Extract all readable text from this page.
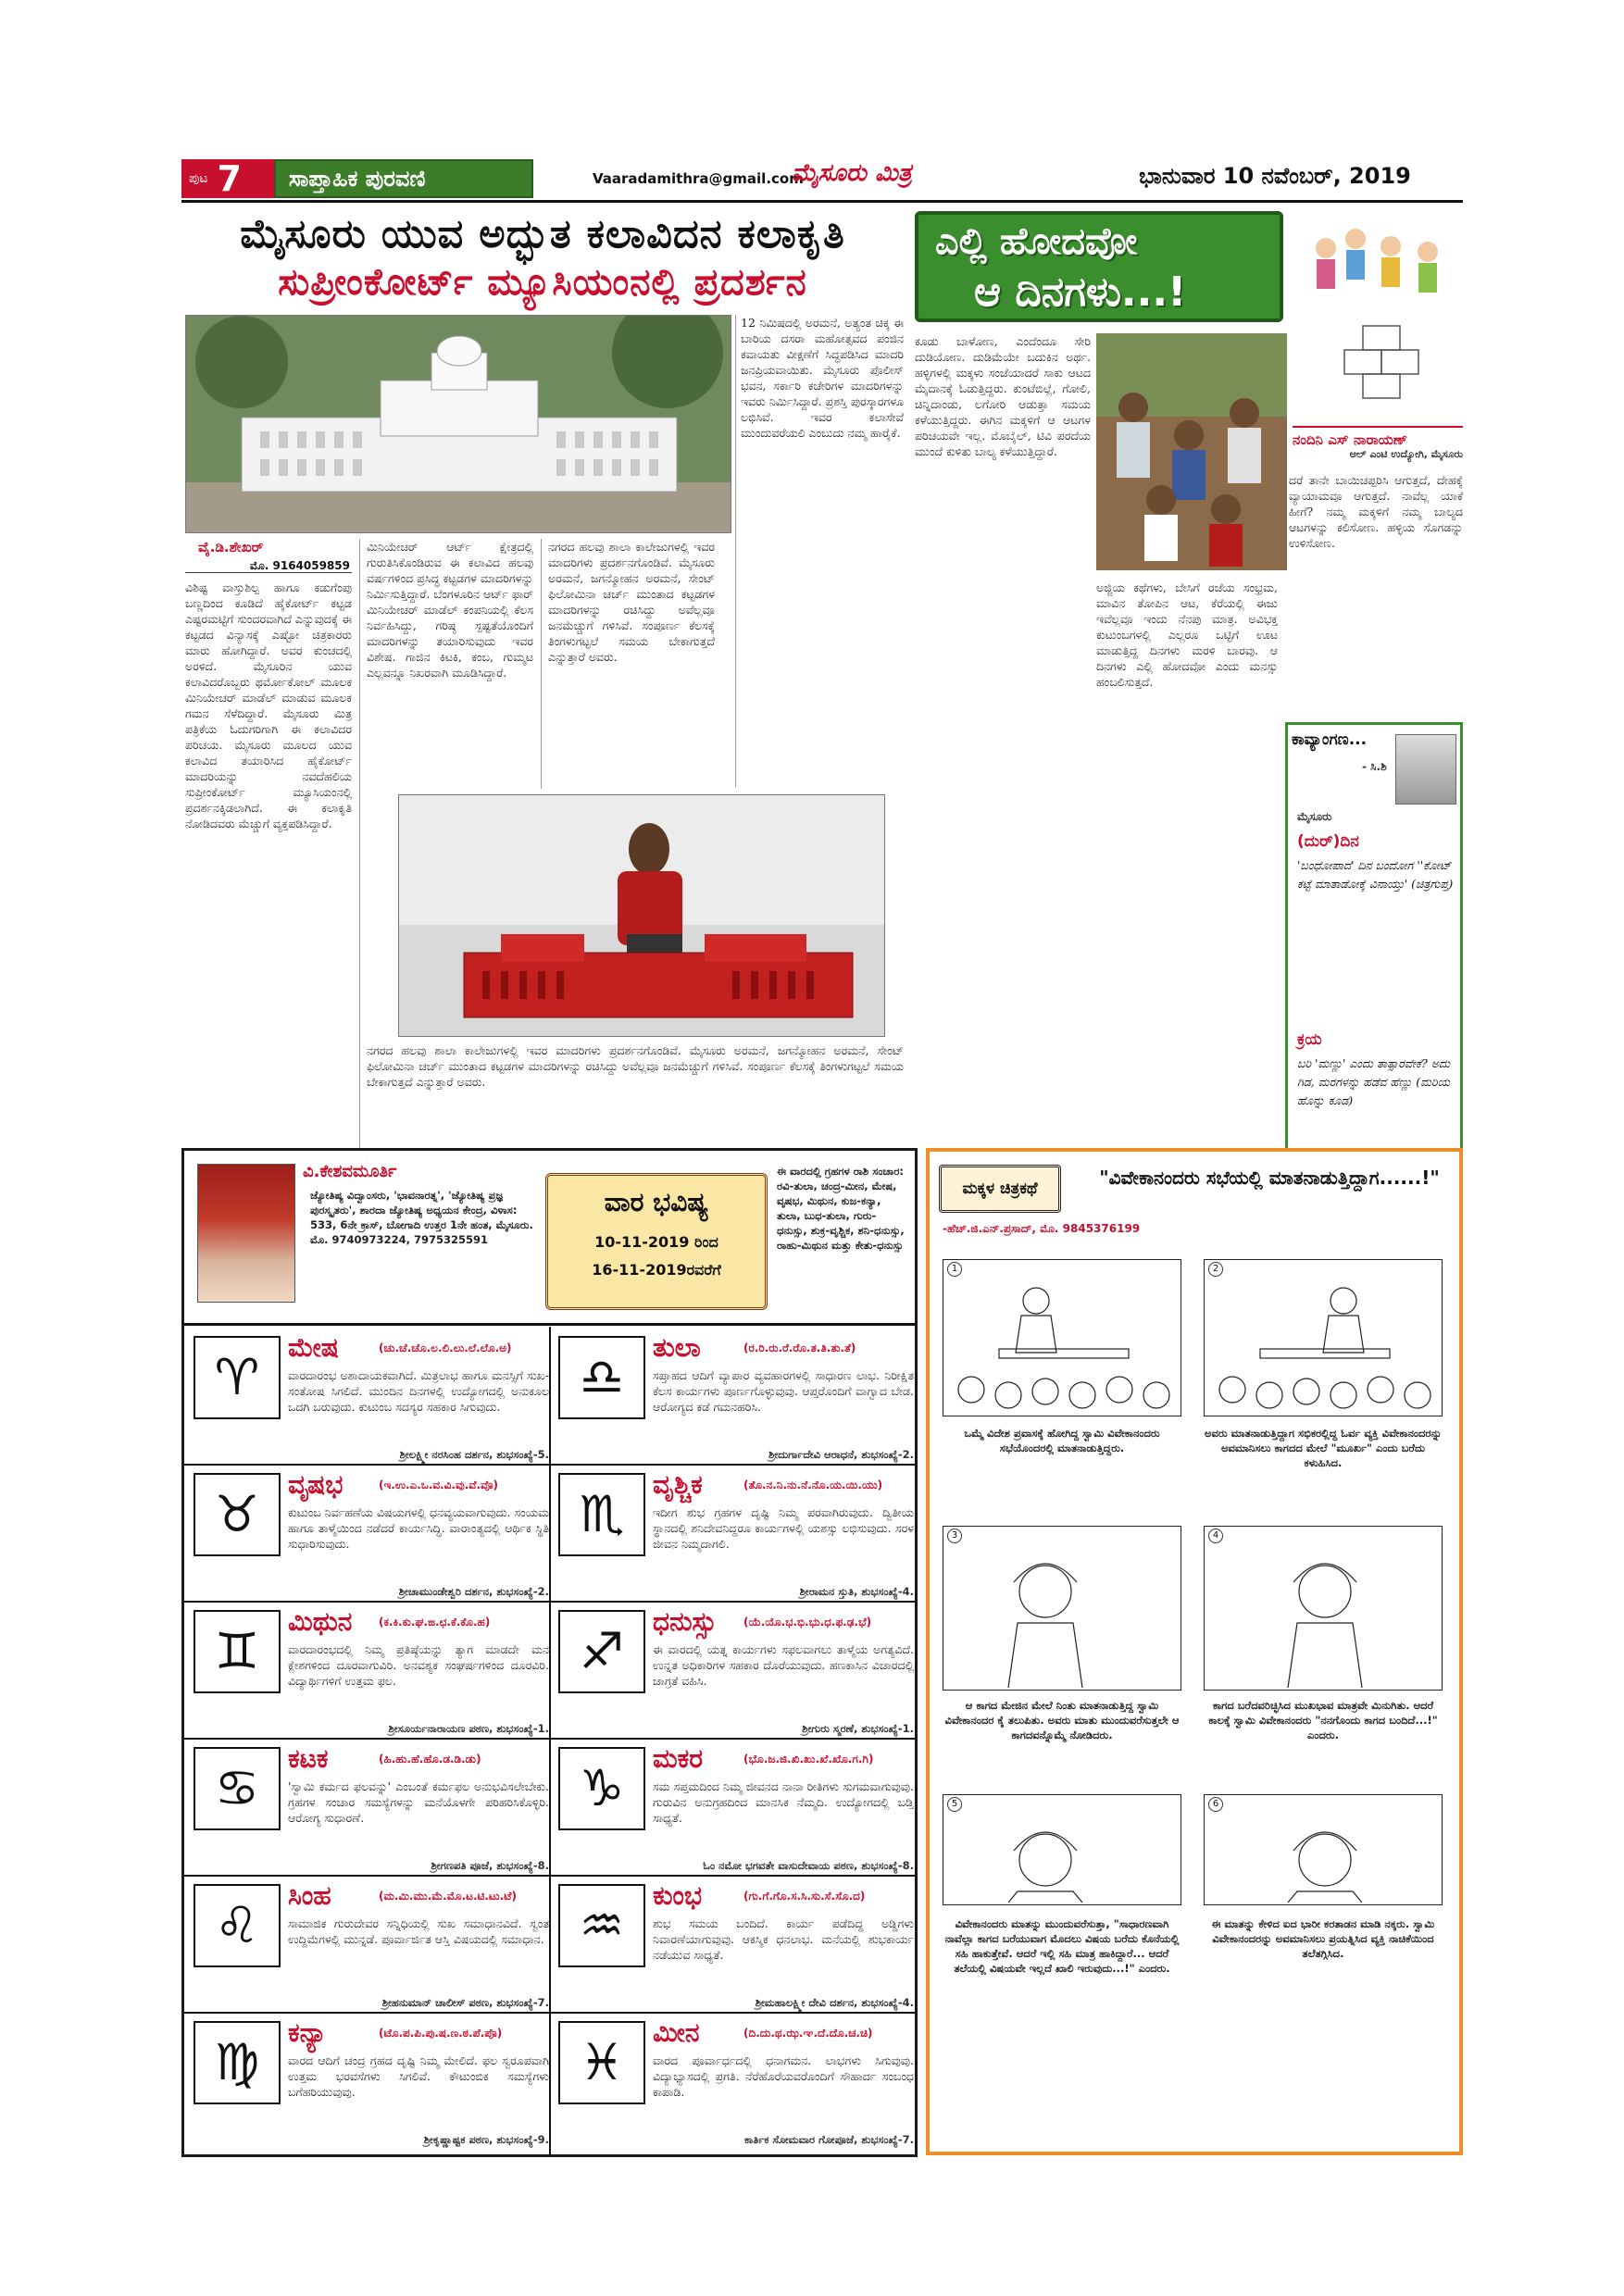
ಪುಟ 7	ಸಾಪ್ತಾಹಿಕ ಪುರವಣಿ	Vaaradamithra@gmail.com
ಮೈಸೂರು ಮಿತ್ರ	ಭಾನುವಾರ 10 ನವೆಂಬರ್, 2019
ಮೈಸೂರು ಯುವ ಅದ್ಭುತ ಕಲಾವಿದನ ಕಲಾಕೃತಿ
ಸುಪ್ರೀಂಕೋರ್ಟ್ ಮ್ಯೂಸಿಯಂನಲ್ಲಿ ಪ್ರದರ್ಶನ
ವೈ.ಡಿ.ಶೇಖರ್
ಮೊ. 9164059859
ವಿಶಿಷ್ಟ ವಾಸ್ತುಶಿಲ್ಪ ಹಾಗೂ ಕಡುಗೆಂಪು ಬಣ್ಣದಿಂದ ಕೂಡಿದೆ ಹೈಕೋರ್ಟ್ ಕಟ್ಟಡ ಎಷ್ಟರಮಟ್ಟಿಗೆ ಸುಂದರವಾಗಿದೆ ಎನ್ನುವುದಕ್ಕೆ ಈ ಕಟ್ಟಡದ ವಿನ್ಯಾಸಕ್ಕೆ ಎಷ್ಟೋ ಚಿತ್ರಕಾರರು ಮಾರು ಹೋಗಿದ್ದಾರೆ. ಅವರ ಕುಂಚದಲ್ಲಿ ಅರಳಿದೆ. ಮೈಸೂರಿನ ಯುವ ಕಲಾವಿದರೊಬ್ಬರು ಥರ್ಮೋಕೋಲ್ ಮೂಲಕ ಮಿನಿಯೇಚರ್ ಮಾಡೆಲ್ ಮಾಡುವ ಮೂಲಕ ಗಮನ ಸೆಳೆದಿದ್ದಾರೆ. ಮೈಸೂರು ಮಿತ್ರ ಪತ್ರಿಕೆಯ ಓದುಗರಿಗಾಗಿ ಈ ಕಲಾವಿದರ ಪರಿಚಯ. ಮೈಸೂರು ಮೂಲದ ಯುವ ಕಲಾವಿದ ತಯಾರಿಸಿದ ಹೈಕೋರ್ಟ್ ಮಾದರಿಯನ್ನು ನವದೆಹಲಿಯ ಸುಪ್ರೀಂಕೋರ್ಟ್ ಮ್ಯೂಸಿಯಂನಲ್ಲಿ ಪ್ರದರ್ಶನಕ್ಕಿಡಲಾಗಿದೆ. ಈ ಕಲಾಕೃತಿ ನೋಡಿದವರು ಮೆಚ್ಚುಗೆ ವ್ಯಕ್ತಪಡಿಸಿದ್ದಾರೆ.
ಮಿನಿಯೇಚರ್ ಆರ್ಟ್ ಕ್ಷೇತ್ರದಲ್ಲಿ ಗುರುತಿಸಿಕೊಂಡಿರುವ ಈ ಕಲಾವಿದ ಹಲವು ವರ್ಷಗಳಿಂದ ಪ್ರಸಿದ್ಧ ಕಟ್ಟಡಗಳ ಮಾದರಿಗಳನ್ನು ನಿರ್ಮಿಸುತ್ತಿದ್ದಾರೆ. ಬೆಂಗಳೂರಿನ ಆರ್ಟ್ ಫಾರ್ ಮಿನಿಯೇಚರ್ ಮಾಡೆಲ್ ಕಂಪನಿಯಲ್ಲಿ ಕೆಲಸ ನಿರ್ವಹಿಸಿದ್ದು, ಗರಿಷ್ಠ ಸ್ಪಷ್ಟತೆಯೊಂದಿಗೆ ಮಾದರಿಗಳನ್ನು ತಯಾರಿಸುವುದು ಇವರ ವಿಶೇಷ. ಗಾಜಿನ ಕಿಟಕಿ, ಕಂಬ, ಗುಮ್ಮಟ ಎಲ್ಲವನ್ನೂ ನಿಖರವಾಗಿ ಮೂಡಿಸಿದ್ದಾರೆ.
ನಗರದ ಹಲವು ಶಾಲಾ ಕಾಲೇಜುಗಳಲ್ಲಿ ಇವರ ಮಾದರಿಗಳು ಪ್ರದರ್ಶನಗೊಂಡಿವೆ. ಮೈಸೂರು ಅರಮನೆ, ಜಗನ್ಮೋಹನ ಅರಮನೆ, ಸೇಂಟ್ ಫಿಲೋಮಿನಾ ಚರ್ಚ್ ಮುಂತಾದ ಕಟ್ಟಡಗಳ ಮಾದರಿಗಳನ್ನು ರಚಿಸಿದ್ದು ಅವೆಲ್ಲವೂ ಜನಮೆಚ್ಚುಗೆ ಗಳಿಸಿವೆ. ಸಂಪೂರ್ಣ ಕೆಲಸಕ್ಕೆ ತಿಂಗಳುಗಟ್ಟಲೆ ಸಮಯ ಬೇಕಾಗುತ್ತದೆ ಎನ್ನುತ್ತಾರೆ ಅವರು.
12 ನಿಮಿಷದಲ್ಲಿ ಅರಮನೆ, ಅತ್ಯಂತ ಚಿಕ್ಕ ಈ ಬಾರಿಯ ದಸರಾ ಮಹೋತ್ಸವದ ಪಂಜಿನ ಕವಾಯತು ವೀಕ್ಷಣೆಗೆ ಸಿದ್ಧಪಡಿಸಿದ ಮಾದರಿ ಜನಪ್ರಿಯವಾಯಿತು. ಮೈಸೂರು ಪೊಲೀಸ್ ಭವನ, ಸರ್ಕಾರಿ ಕಚೇರಿಗಳ ಮಾದರಿಗಳನ್ನು ಇವರು ನಿರ್ಮಿಸಿದ್ದಾರೆ. ಪ್ರಶಸ್ತಿ ಪುರಸ್ಕಾರಗಳೂ ಲಭಿಸಿವೆ. ಇವರ ಕಲಾಸೇವೆ ಮುಂದುವರೆಯಲಿ ಎಂಬುದು ನಮ್ಮ ಹಾರೈಕೆ.
ನಗರದ ಹಲವು ಶಾಲಾ ಕಾಲೇಜುಗಳಲ್ಲಿ ಇವರ ಮಾದರಿಗಳು ಪ್ರದರ್ಶನಗೊಂಡಿವೆ. ಮೈಸೂರು ಅರಮನೆ, ಜಗನ್ಮೋಹನ ಅರಮನೆ, ಸೇಂಟ್ ಫಿಲೋಮಿನಾ ಚರ್ಚ್ ಮುಂತಾದ ಕಟ್ಟಡಗಳ ಮಾದರಿಗಳನ್ನು ರಚಿಸಿದ್ದು ಅವೆಲ್ಲವೂ ಜನಮೆಚ್ಚುಗೆ ಗಳಿಸಿವೆ. ಸಂಪೂರ್ಣ ಕೆಲಸಕ್ಕೆ ತಿಂಗಳುಗಟ್ಟಲೆ ಸಮಯ ಬೇಕಾಗುತ್ತದೆ ಎನ್ನುತ್ತಾರೆ ಅವರು.
ಎಲ್ಲಿ ಹೋದವೋ
ಆ ದಿನಗಳು...!
ಕೂಡು ಬಾಳೋಣ, ಎಂದೆಂದೂ ಸೇರಿ ದುಡಿಯೋಣ. ದುಡಿಮೆಯೇ ಬದುಕಿನ ಅರ್ಥ. ಹಳ್ಳಿಗಳಲ್ಲಿ ಮಕ್ಕಳು ಸಂಜೆಯಾದರೆ ಸಾಕು ಆಟದ ಮೈದಾನಕ್ಕೆ ಓಡುತ್ತಿದ್ದರು. ಕುಂಟೆಬಿಲ್ಲೆ, ಗೋಲಿ, ಚಿನ್ನಿದಾಂಡು, ಲಗೋರಿ ಆಡುತ್ತಾ ಸಮಯ ಕಳೆಯುತ್ತಿದ್ದರು. ಈಗಿನ ಮಕ್ಕಳಿಗೆ ಆ ಆಟಗಳ ಪರಿಚಯವೇ ಇಲ್ಲ. ಮೊಬೈಲ್, ಟಿವಿ ಪರದೆಯ ಮುಂದೆ ಕುಳಿತು ಬಾಲ್ಯ ಕಳೆಯುತ್ತಿದ್ದಾರೆ.
ಅಜ್ಜಿಯ ಕಥೆಗಳು, ಬೇಸಿಗೆ ರಜೆಯ ಸಂಭ್ರಮ, ಮಾವಿನ ತೋಪಿನ ಆಟ, ಕೆರೆಯಲ್ಲಿ ಈಜು ಇವೆಲ್ಲವೂ ಇಂದು ನೆನಪು ಮಾತ್ರ. ಅವಿಭಕ್ತ ಕುಟುಂಬಗಳಲ್ಲಿ ಎಲ್ಲರೂ ಒಟ್ಟಿಗೆ ಊಟ ಮಾಡುತ್ತಿದ್ದ ದಿನಗಳು ಮರಳಿ ಬಾರವು. ಆ ದಿನಗಳು ಎಲ್ಲಿ ಹೋದವೋ ಎಂದು ಮನಸ್ಸು ಹಂಬಲಿಸುತ್ತದೆ.
ನಂದಿನಿ ಎಸ್ ನಾರಾಯಣ್
ಆಲ್ ಎಂಟಿ ಉದ್ಯೋಗಿ, ಮೈಸೂರು
ದರೆ ತಾನೇ ಬಾಯಿಚಪ್ಪರಿಸಿ ಆಗುತ್ತದೆ, ದೇಹಕ್ಕೆ ವ್ಯಾಯಾಮವೂ ಆಗುತ್ತದೆ. ನಾವೆಲ್ಲ ಯಾಕೆ ಹೀಗೆ? ನಮ್ಮ ಮಕ್ಕಳಿಗೆ ನಮ್ಮ ಬಾಲ್ಯದ ಆಟಗಳನ್ನು ಕಲಿಸೋಣ. ಹಳ್ಳಿಯ ಸೊಗಡನ್ನು ಉಳಿಸೋಣ.
ಕಾವ್ಯಾಂಗಣ...
- ಸಿ.ಶಿ
ಮೈಸೂರು
(ದುರ್)ದಿನ
'ಬಂಧೋಪಾದ' ದಿನ ಬಂದೋಗ ''ಕೋಟ್ ಕಟ್ಟೆ ಮಾತಾಡೋಕ್ಕೆ ವಿನಾಯ್ತು' (ಚಿತ್ರಗುಪ್ತ)
ಕ್ರಯ
ಬರಿ 'ಮಣ್ಣು' ಎಂದು ತಾತ್ಸಾರವೇಕೆ? ಅದು ಗಿಡ, ಮರಗಳನ್ನು ಹಡೆವ ಹೆಣ್ಣು (ಮರಿಯ ಹೊನ್ನು ಕೂಡ)
ವಿ.ಕೇಶವಮೂರ್ತಿ
ಜ್ಯೋತಿಷ್ಯ ವಿದ್ವಾಂಸರು, 'ಭಾವನಾರತ್ನ', 'ಜ್ಯೋತಿಷ್ಯ ಪ್ರಜ್ಞ ಪುರಸ್ಕೃತರು', ಶಾರದಾ ಜ್ಯೋತಿಷ್ಯ ಅಧ್ಯಯನ ಕೇಂದ್ರ, ವಿಳಾಸ: 533, 6ನೇ ಕ್ರಾಸ್, ಬೋಗಾದಿ ಉತ್ತರ 1ನೇ ಹಂತ, ಮೈಸೂರು. ಮೊ. 9740973224, 7975325591
ವಾರ ಭವಿಷ್ಯ
10-11-2019 ರಿಂದ
16-11-2019ರವರೆಗೆ
ಈ ವಾರದಲ್ಲಿ ಗ್ರಹಗಳ ರಾಶಿ ಸಂಚಾರ: ರವಿ-ತುಲಾ, ಚಂದ್ರ-ಮೀನ, ಮೇಷ, ವೃಷಭ, ಮಿಥುನ, ಕುಜ-ಕನ್ಯಾ, ತುಲಾ, ಬುಧ-ತುಲಾ, ಗುರು-ಧನುಸ್ಸು, ಶುಕ್ರ-ವೃಶ್ಚಿಕ, ಶನಿ-ಧನುಸ್ಸು, ರಾಹು-ಮಿಥುನ ಮತ್ತು ಕೇತು-ಧನುಸ್ಸು
♈
ಮೇಷ	(ಚು.ಚೆ.ಚೊ.ಲ.ಲಿ.ಲು.ಲೆ.ಲೊ.ಅ)
ವಾರದಾರಂಭ ಅಶಾದಾಯಕವಾಗಿದೆ. ಮಿತ್ರಲಾಭ ಹಾಗೂ ಮನಸ್ಸಿಗೆ ಸುಖ-ಸಂತೋಷ ಸಿಗಲಿದೆ. ಮುಂದಿನ ದಿನಗಳಲ್ಲಿ ಉದ್ಯೋಗದಲ್ಲಿ ಅನುಕೂಲ ಒದಗಿ ಬರುವುದು. ಕುಟುಂಬ ಸದಸ್ಯರ ಸಹಕಾರ ಸಿಗುವುದು.
ಶ್ರೀಲಕ್ಷ್ಮೀ ನರಸಿಂಹ ದರ್ಶನ, ಶುಭಸಂಖ್ಯೆ-5.
♎
ತುಲಾ	(ರ.ರಿ.ರು.ರೆ.ರೊ.ತ.ತಿ.ತು.ತೆ)
ಸಪ್ತಾಹದ ಆದಿಗೆ ವ್ಯಾಪಾರ ವ್ಯವಹಾರಗಳಲ್ಲಿ ಸಾಧಾರಣ ಲಾಭ. ನಿರೀಕ್ಷಿತ ಕೆಲಸ ಕಾರ್ಯಗಳು ಪೂರ್ಣಗೊಳ್ಳುವುವು. ಆಪ್ತರೊಂದಿಗೆ ವಾಗ್ವಾದ ಬೇಡ. ಆರೋಗ್ಯದ ಕಡೆ ಗಮನಹರಿಸಿ.
ಶ್ರೀದುರ್ಗಾದೇವಿ ಆರಾಧನೆ, ಶುಭಸಂಖ್ಯೆ-2.
♉
ವೃಷಭ	(ಇ.ಉ.ಎ.ಒ.ವ.ವಿ.ವು.ವೆ.ವೊ)
ಕುಟುಂಬ ನಿರ್ವಹಣೆಯ ವಿಷಯಗಳಲ್ಲಿ ಧನವ್ಯಯವಾಗುವುದು. ಸಂಯಮ ಹಾಗೂ ತಾಳ್ಮೆಯಿಂದ ನಡೆದರೆ ಕಾರ್ಯಸಿದ್ಧಿ. ವಾರಾಂತ್ಯದಲ್ಲಿ ಆರ್ಥಿಕ ಸ್ಥಿತಿ ಸುಧಾರಿಸುವುದು.
ಶ್ರೀಚಾಮುಂಡೇಶ್ವರಿ ದರ್ಶನ, ಶುಭಸಂಖ್ಯೆ-2.
♏
ವೃಶ್ಚಿಕ	(ತೊ.ನ.ನಿ.ನು.ನೆ.ನೊ.ಯ.ಯಿ.ಯು)
ಇದೀಗ ಶುಭ ಗ್ರಹಗಳ ದೃಷ್ಟಿ ನಿಮ್ಮ ಪರವಾಗಿರುವುದು. ದ್ವಿತೀಯ ಸ್ಥಾನದಲ್ಲಿ ಶನಿದೇವನಿದ್ದರೂ ಕಾರ್ಯಗಳಲ್ಲಿ ಯಶಸ್ಸು ಲಭಿಸುವುದು. ಸರಳ ಜೀವನ ನಿಮ್ಮದಾಗಲಿ.
ಶ್ರೀರಾಮನ ಸ್ತುತಿ, ಶುಭಸಂಖ್ಯೆ-4.
♊
ಮಿಥುನ (ಕ.ಕಿ.ಕು.ಘ.ಙ.ಛ.ಕೆ.ಕೊ.ಹ)
ವಾರದಾರಂಭದಲ್ಲಿ ನಿಮ್ಮ ಪ್ರತಿಷ್ಠೆಯನ್ನು ತ್ಯಾಗ ಮಾಡದೇ ಮನ ಕ್ಲೇಶಗಳಿಂದ ದೂರವಾಗುವಿರಿ. ಅನವಶ್ಯಕ ಸಂಘರ್ಷಗಳಿಂದ ದೂರವಿರಿ. ವಿದ್ಯಾರ್ಥಿಗಳಿಗೆ ಉತ್ತಮ ಫಲ.
ಶ್ರೀಸೂರ್ಯನಾರಾಯಣ ಪಠಣ, ಶುಭಸಂಖ್ಯೆ-1.
♐
ಧನುಸ್ಸು (ಯೆ.ಯೊ.ಭ.ಭಿ.ಭು.ಧ.ಫ.ಢ.ಭೆ)
ಈ ವಾರದಲ್ಲಿ ಯತ್ನ ಕಾರ್ಯಗಳು ಸಫಲವಾಗಲು ತಾಳ್ಮೆಯ ಅಗತ್ಯವಿದೆ. ಉನ್ನತ ಅಧಿಕಾರಿಗಳ ಸಹಕಾರ ದೊರೆಯುವುದು. ಹಣಕಾಸಿನ ವಿಚಾರದಲ್ಲಿ ಜಾಗ್ರತೆ ವಹಿಸಿ.
ಶ್ರೀಗುರು ಸ್ಮರಣೆ, ಶುಭಸಂಖ್ಯೆ-1.
♋
ಕಟಕ	(ಹಿ.ಹು.ಹೆ.ಹೊ.ಡ.ಡಿ.ಡು)
'ಸ್ವಾಮಿ ಕರ್ಮದ ಫಲವನ್ನು' ಎಂಬಂತೆ ಕರ್ಮಫಲ ಅನುಭವಿಸಲೇಬೇಕು. ಗ್ರಹಗಳ ಸಂಚಾರ ಸಮಸ್ಯೆಗಳನ್ನು ಮನೆಯೊಳಗೇ ಪರಿಹರಿಸಿಕೊಳ್ಳಿರಿ. ಆರೋಗ್ಯ ಸುಧಾರಣೆ.
ಶ್ರೀಗಣಪತಿ ಪೂಜೆ, ಶುಭಸಂಖ್ಯೆ-8.
♑
ಮಕರ	(ಭೊ.ಜ.ಜಿ.ಖಿ.ಖು.ಖೆ.ಖೊ.ಗ.ಗಿ)
ಸಮ ಸಪ್ತಮದಿಂದ ನಿಮ್ಮ ಜೀವನದ ನಾನಾ ರೀತಿಗಳು ಸುಗಮವಾಗುವುವು. ಗುರುವಿನ ಅನುಗ್ರಹದಿಂದ ಮಾನಸಿಕ ನೆಮ್ಮದಿ. ಉದ್ಯೋಗದಲ್ಲಿ ಬಡ್ತಿ ಸಾಧ್ಯತೆ.
ಓಂ ನಮೋ ಭಗವತೇ ವಾಸುದೇವಾಯ ಪಠಣ, ಶುಭಸಂಖ್ಯೆ-8.
♌
ಸಿಂಹ	(ಮ.ಮಿ.ಮು.ಮೆ.ಮೊ.ಟ.ಟಿ.ಟು.ಟೆ)
ಸಾಮಾಜಿಕ ಗುರುದೇವರ ಸನ್ನಿಧಿಯಲ್ಲಿ ಸುಖ ಸಮಾಧಾನವಿದೆ. ಸ್ವಂತ ಉದ್ದಿಮೆಗಳಲ್ಲಿ ಮುನ್ನಡೆ. ಪೂರ್ವಾರ್ಜಿತ ಆಸ್ತಿ ವಿಷಯದಲ್ಲಿ ಸಮಾಧಾನ.
ಶ್ರೀಹನುಮಾನ್ ಚಾಲೀಸ್ ಪಠಣ, ಶುಭಸಂಖ್ಯೆ-7.
♒
ಕುಂಭ	(ಗು.ಗೆ.ಗೊ.ಸ.ಸಿ.ಸು.ಸೆ.ಸೊ.ದ)
ಶುಭ ಸಮಯ ಬಂದಿದೆ. ಕಾರ್ಯ ಪಡೆದಿದ್ದ ಅಡ್ಡಿಗಳು ನಿವಾರಣೆಯಾಗುವುವು. ಆಕಸ್ಮಿಕ ಧನಲಾಭ. ಮನೆಯಲ್ಲಿ ಶುಭಕಾರ್ಯ ನಡೆಯುವ ಸಾಧ್ಯತೆ.
ಶ್ರೀಮಹಾಲಕ್ಷ್ಮೀ ದೇವಿ ದರ್ಶನ, ಶುಭಸಂಖ್ಯೆ-4.
♍
ಕನ್ಯಾ	(ಟೊ.ಪ.ಪಿ.ಪು.ಷ.ಣ.ಠ.ಪೆ.ಪೊ)
ವಾರದ ಆದಿಗೆ ಚಂದ್ರ ಗ್ರಹದ ದೃಷ್ಟಿ ನಿಮ್ಮ ಮೇಲಿದೆ. ಫಲ ಸ್ವರೂಪವಾಗಿ ಉತ್ತಮ ಭರವಸೆಗಳು ಸಿಗಲಿವೆ. ಕೌಟುಂಬಿಕ ಸಮಸ್ಯೆಗಳು ಬಗೆಹರಿಯುವುವು.
ಶ್ರೀಕೃಷ್ಣಾಷ್ಟಕ ಪಠಣ, ಶುಭಸಂಖ್ಯೆ-9.
♓
ಮೀನ	(ದಿ.ದು.ಥ.ಝ.ಞ.ದೆ.ದೊ.ಚ.ಚಿ)
ವಾರದ ಪೂರ್ವಾರ್ಧದಲ್ಲಿ ಧನಾಗಮನ. ಲಾಭಗಳು ಸಿಗುವುವು. ವಿದ್ಯಾಭ್ಯಾಸದಲ್ಲಿ ಪ್ರಗತಿ. ನೆರೆಹೊರೆಯವರೊಂದಿಗೆ ಸೌಹಾರ್ದ ಸಂಬಂಧ ಕಾಪಾಡಿ.
ಕಾರ್ತಿಕ ಸೋಮವಾರ ಗೋಪೂಜೆ, ಶುಭಸಂಖ್ಯೆ-7.
ಮಕ್ಕಳ ಚಿತ್ರಕಥೆ	"ವಿವೇಕಾನಂದರು ಸಭೆಯಲ್ಲಿ ಮಾತನಾಡುತ್ತಿದ್ದಾಗ......!"
-ಹೆಚ್.ಜಿ.ಎನ್.ಪ್ರಸಾದ್, ಮೊ. 9845376199
1
ಒಮ್ಮೆ ವಿದೇಶ ಪ್ರವಾಸಕ್ಕೆ ಹೋಗಿದ್ದ ಸ್ವಾಮಿ ವಿವೇಕಾನಂದರು ಸಭೆಯೊಂದರಲ್ಲಿ ಮಾತನಾಡುತ್ತಿದ್ದರು.
2
ಅವರು ಮಾತನಾಡುತ್ತಿದ್ದಾಗ ಸಭಿಕರಲ್ಲಿದ್ದ ಓರ್ವ ವ್ಯಕ್ತಿ ವಿವೇಕಾನಂದರನ್ನು ಅವಮಾನಿಸಲು ಕಾಗದದ ಮೇಲೆ "ಮೂರ್ಖ" ಎಂದು ಬರೆದು ಕಳುಹಿಸಿದ.
3
ಆ ಕಾಗದ ಮೇಜಿನ ಮೇಲೆ ನಿಂತು ಮಾತನಾಡುತ್ತಿದ್ದ ಸ್ವಾಮಿ ವಿವೇಕಾನಂದರ ಕೈ ತಲುಪಿತು. ಅವರು ಮಾತು ಮುಂದುವರೆಸುತ್ತಲೇ ಆ ಕಾಗದವನ್ನೊಮ್ಮೆ ನೋಡಿದರು.
4
ಕಾಗದ ಬರೆದವರಿಚ್ಛಿಸಿದ ಮುಖಭಾವ ಮಾತ್ರವೇ ಮಿನುಗಿತು. ಆದರೆ ಕಾಲಕ್ಕೆ ಸ್ವಾಮಿ ವಿವೇಕಾನಂದರು "ನನಗೊಂದು ಕಾಗದ ಬಂದಿದೆ...!" ಎಂದರು.
5
ವಿವೇಕಾನಂದರು ಮಾತನ್ನು ಮುಂದುವರೆಸುತ್ತಾ, "ಸಾಧಾರಣವಾಗಿ ನಾವೆಲ್ಲಾ ಕಾಗದ ಬರೆಯುವಾಗ ಮೊದಲು ವಿಷಯ ಬರೆದು ಕೊನೆಯಲ್ಲಿ ಸಹಿ ಹಾಕುತ್ತೇವೆ. ಆದರೆ ಇಲ್ಲಿ ಸಹಿ ಮಾತ್ರ ಹಾಕಿದ್ದಾರೆ... ಆದರೆ ತಲೆಯಲ್ಲಿ ವಿಷಯವೇ ಇಲ್ಲದೆ ಖಾಲಿ ಇರುವುದು...!" ಎಂದರು.
6
ಈ ಮಾತನ್ನು ಕೇಳಿದ ಐದ ಭಾರೀ ಕರತಾಡನ ಮಾಡಿ ನಕ್ಕರು. ಸ್ವಾಮಿ ವಿವೇಕಾನಂದರನ್ನು ಅವಮಾನಿಸಲು ಪ್ರಯತ್ನಿಸಿದ ವ್ಯಕ್ತಿ ನಾಚಿಕೆಯಿಂದ ತಲೆತಗ್ಗಿಸಿದ.
